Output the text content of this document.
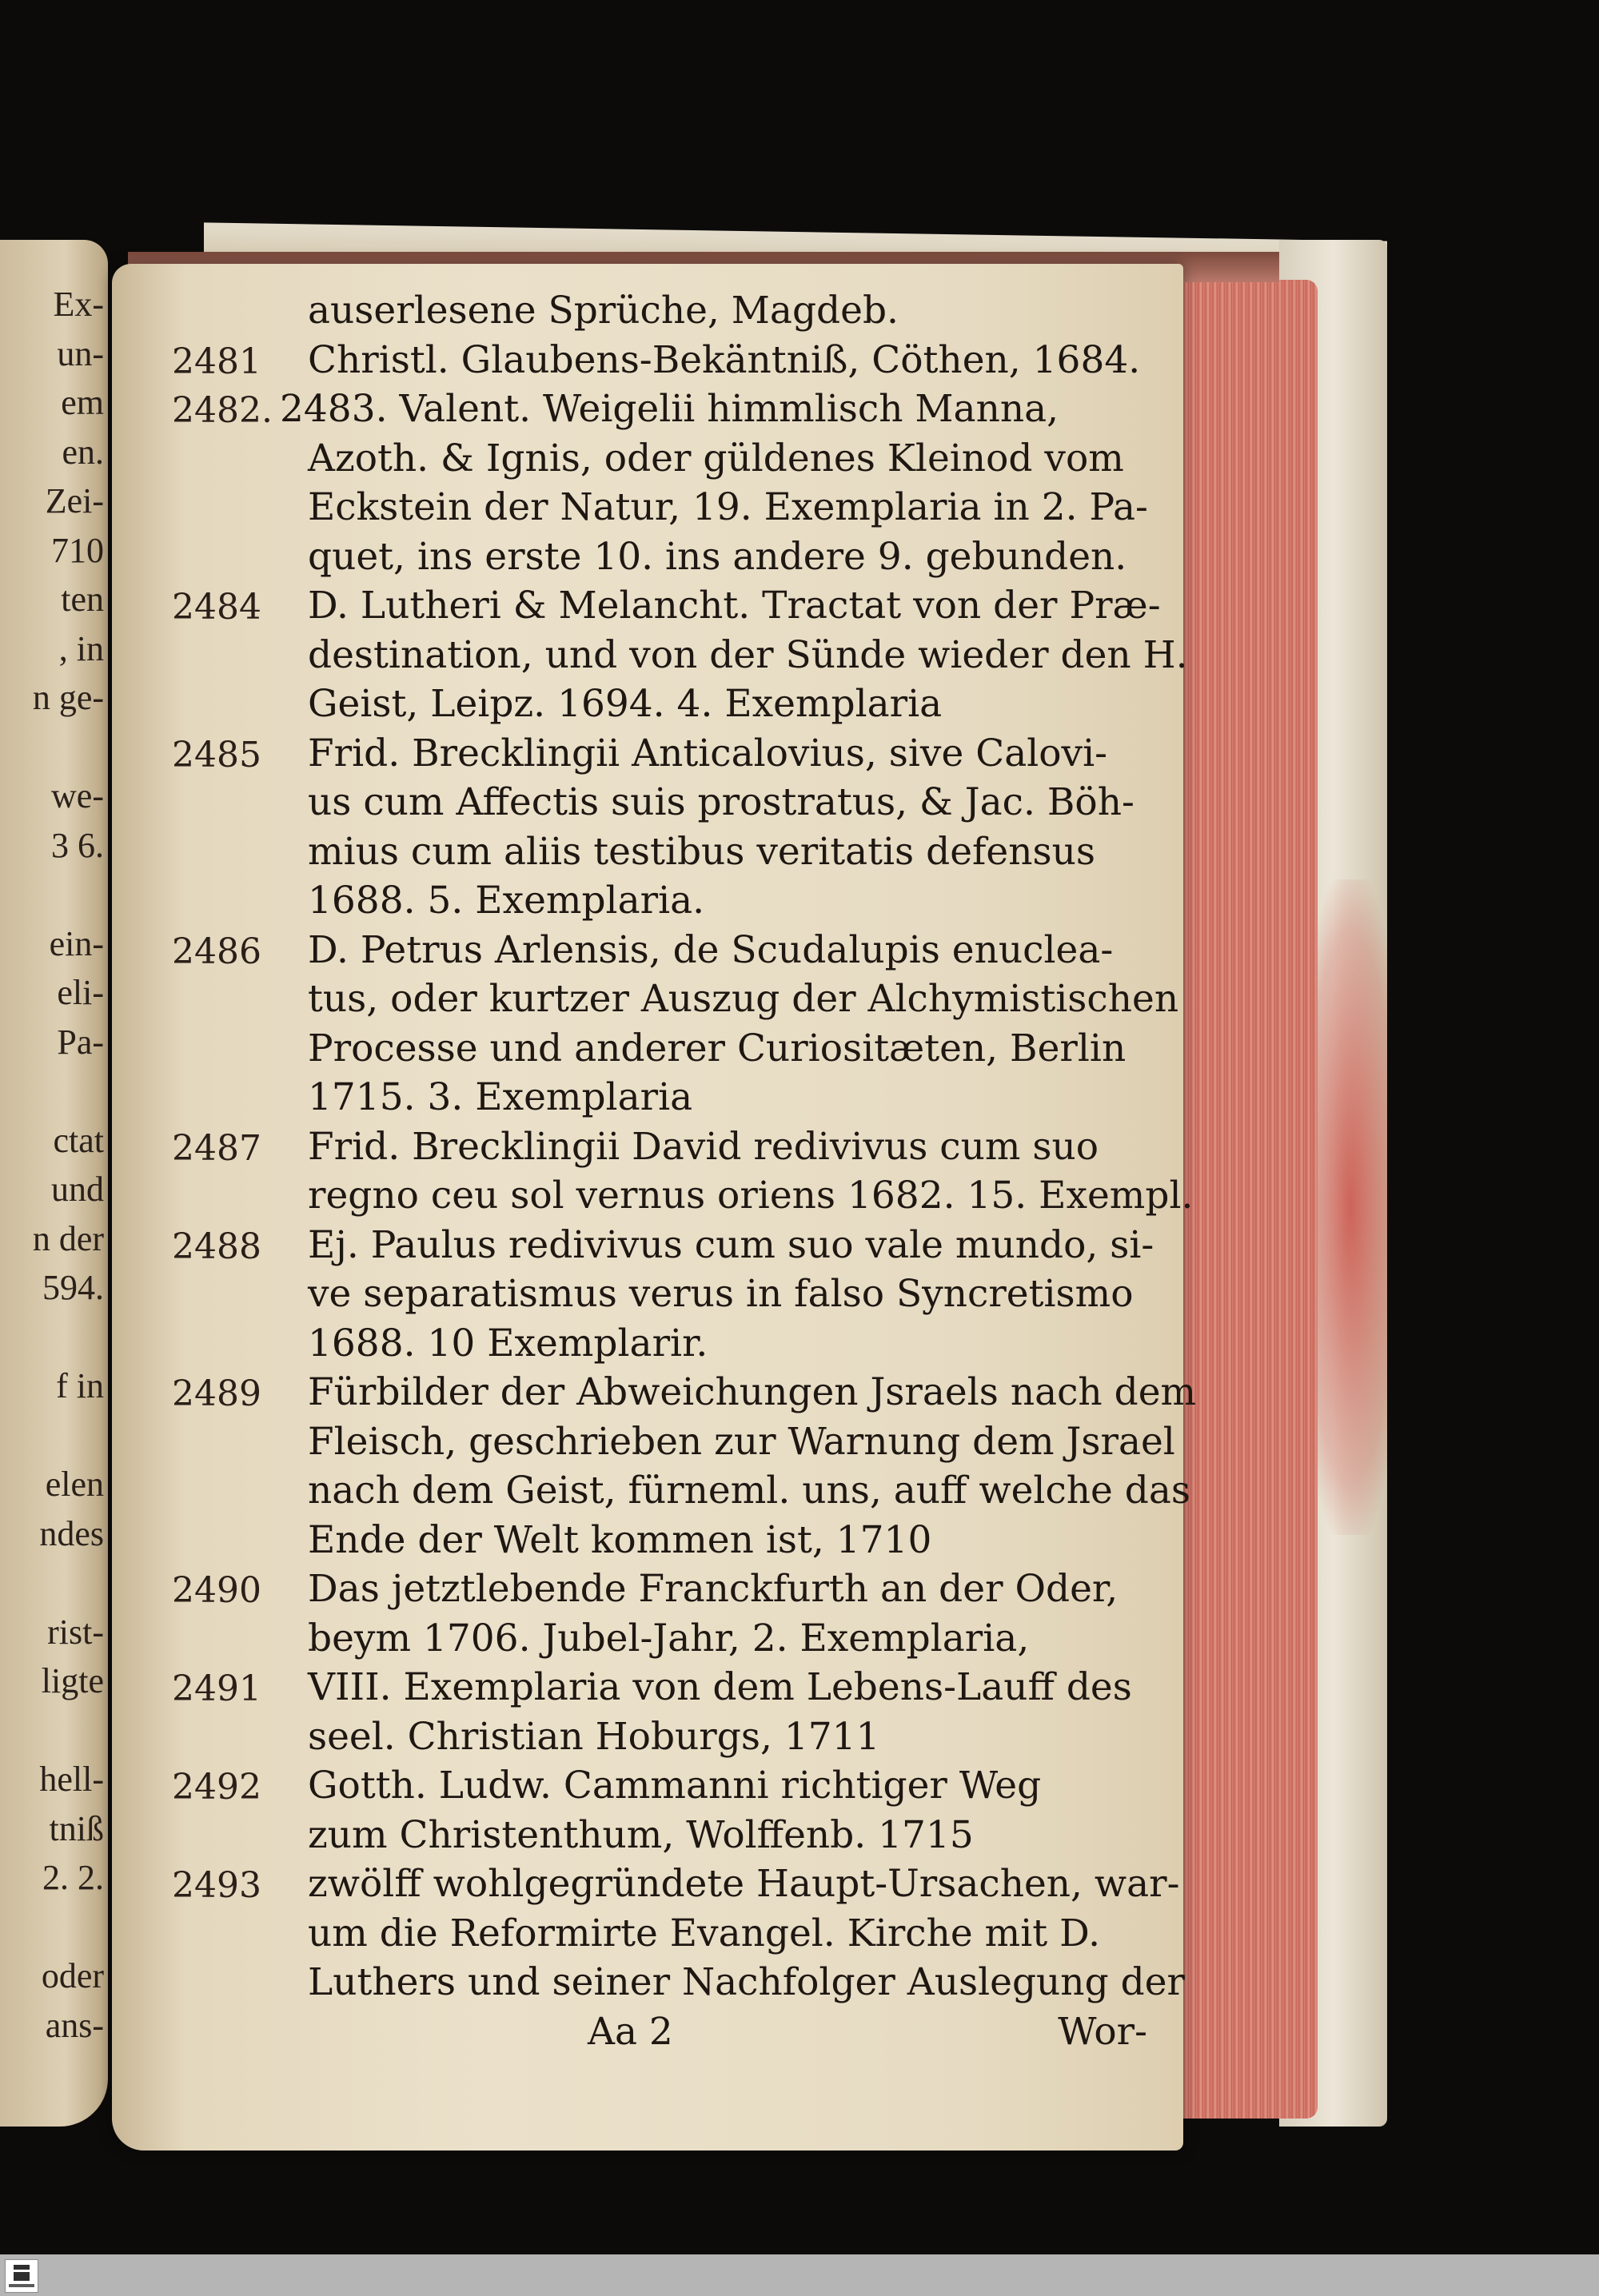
Ex-
un-
em
en.
Zei-
710
ten
, in
n ge-
we-
3 6.
ein-
eli-
Pa-
ctat
und
n der
594.
f in
elen
ndes
rist-
ligte
hell-
tniß
2. 2.
oder
ans-
auserlesene Sprüche, Magdeb.
2481	Christl. Glaubens-Bekäntniß, Cöthen, 1684.
2482. 2483. Valent. Weigelii himmlisch Manna,
Azoth. & Ignis, oder güldenes Kleinod vom
Eckstein der Natur, 19. Exemplaria in 2. Pa-
quet, ins erste 10. ins andere 9. gebunden.
2484	D. Lutheri & Melancht. Tractat von der Præ-
destination, und von der Sünde wieder den H.
Geist, Leipz. 1694. 4. Exemplaria
2485	Frid. Brecklingii Anticalovius, sive Calovi-
us cum Affectis suis prostratus, & Jac. Böh-
mius cum aliis testibus veritatis defensus
1688. 5. Exemplaria.
2486	D. Petrus Arlensis, de Scudalupis enuclea-
tus, oder kurtzer Auszug der Alchymistischen
Processe und anderer Curiositæten, Berlin
1715. 3. Exemplaria
2487	Frid. Brecklingii David redivivus cum suo
regno ceu sol vernus oriens 1682. 15. Exempl.
2488	Ej. Paulus redivivus cum suo vale mundo, si-
ve separatismus verus in falso Syncretismo
1688. 10 Exemplarir.
2489	Fürbilder der Abweichungen Jsraels nach dem
Fleisch, geschrieben zur Warnung dem Jsrael
nach dem Geist, fürneml. uns, auff welche das
Ende der Welt kommen ist, 1710
2490	Das jetztlebende Franckfurth an der Oder,
beym 1706. Jubel-Jahr, 2. Exemplaria,
2491	VIII. Exemplaria von dem Lebens-Lauff des
seel. Christian Hoburgs, 1711
2492	Gotth. Ludw. Cammanni richtiger Weg
zum Christenthum, Wolffenb. 1715
2493	zwölff wohlgegründete Haupt-Ursachen, war-
um die Reformirte Evangel. Kirche mit D.
Luthers und seiner Nachfolger Auslegung der
Aa 2	Wor-
